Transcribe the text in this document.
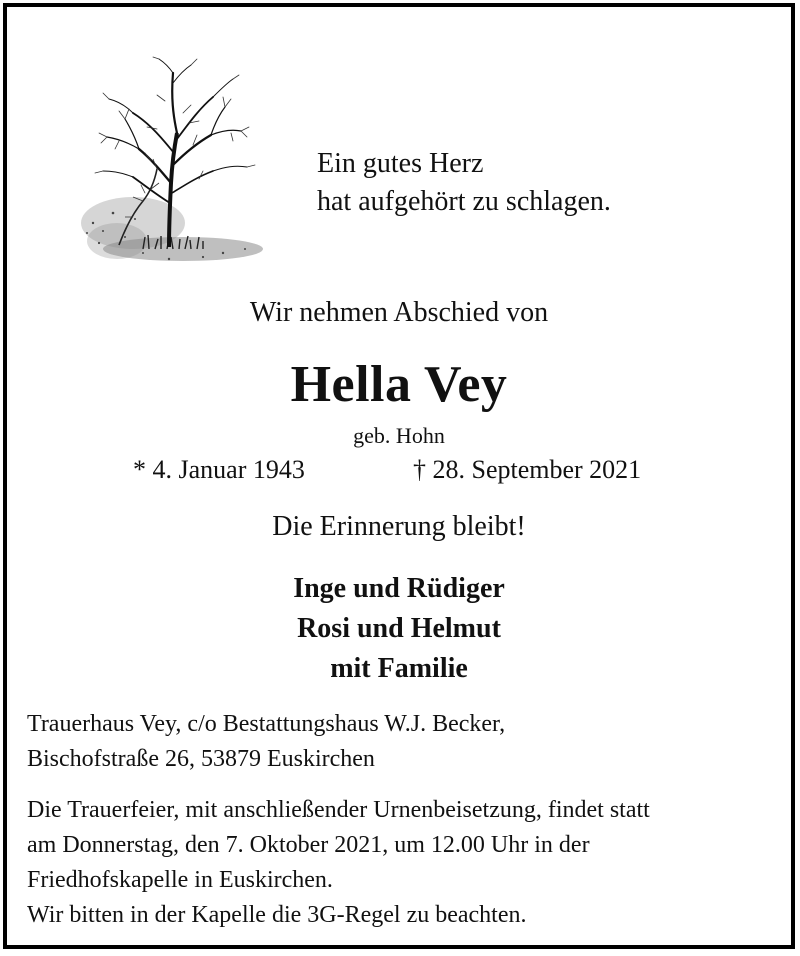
Ein gutes Herz
hat aufgehört zu schlagen.
Wir nehmen Abschied von
Hella Vey
geb. Hohn
* 4. Januar 1943	† 28. September 2021
Die Erinnerung bleibt!
Inge und Rüdiger
Rosi und Helmut
mit Familie
Trauerhaus Vey, c/o Bestattungshaus W.J. Becker,
Bischofstraße 26, 53879 Euskirchen
Die Trauerfeier, mit anschließender Urnenbeisetzung, findet statt
am Donnerstag, den 7. Oktober 2021, um 12.00 Uhr in der
Friedhofskapelle in Euskirchen.
Wir bitten in der Kapelle die 3G-Regel zu beachten.
